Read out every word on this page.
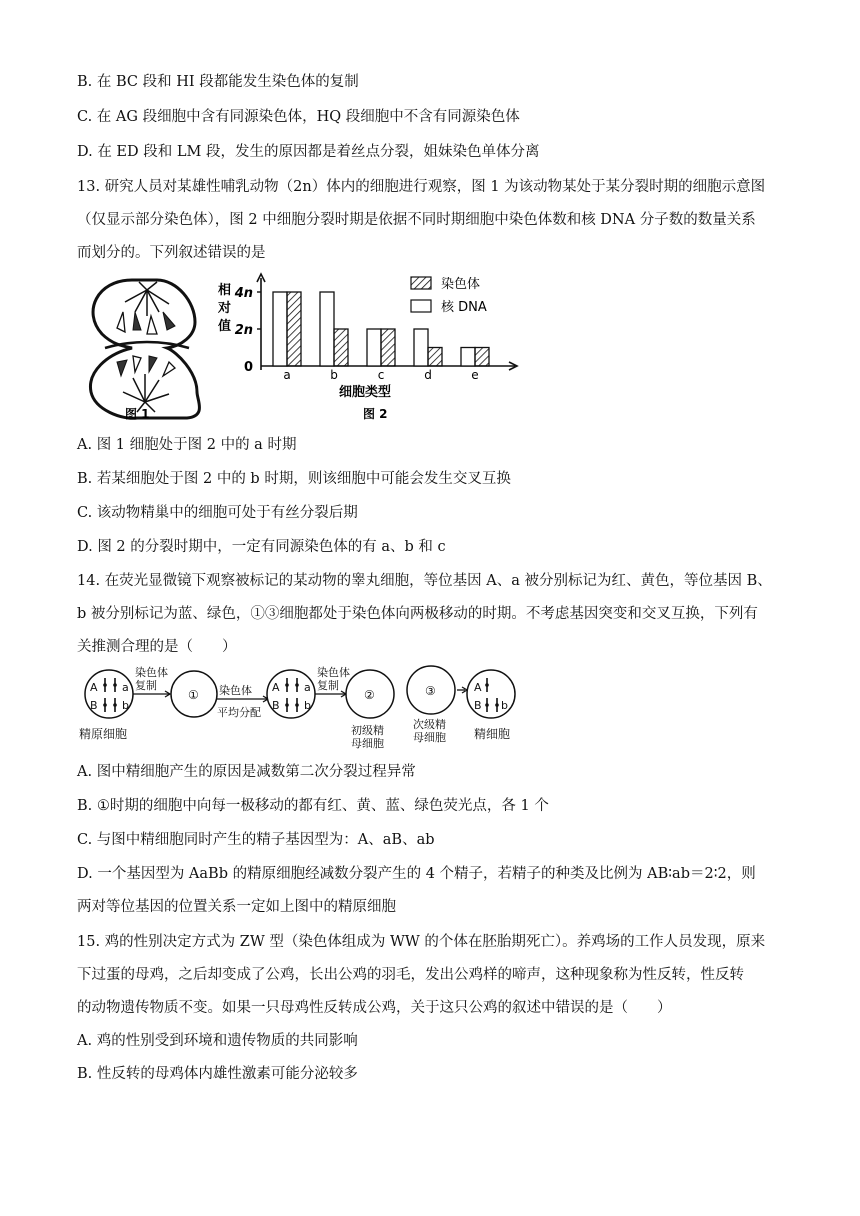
B. 在 BC 段和 HI 段都能发生染色体的复制
C. 在 AG 段细胞中含有同源染色体，HQ 段细胞中不含有同源染色体
D. 在 ED 段和 LM 段，发生的原因都是着丝点分裂，姐妹染色单体分离
13. 研究人员对某雄性哺乳动物（2n）体内的细胞进行观察，图 1 为该动物某处于某分裂时期的细胞示意图
（仅显示部分染色体），图 2 中细胞分裂时期是依据不同时期细胞中染色体数和核 DNA 分子数的数量关系
而划分的。下列叙述错误的是
图 1
相
对
值
0
2n
4n
a	b	c	d	e
染色体
核 DNA
细胞类型
图 2
A. 图 1 细胞处于图 2 中的 a 时期
B. 若某细胞处于图 2 中的 b 时期，则该细胞中可能会发生交叉互换
C. 该动物精巢中的细胞可处于有丝分裂后期
D. 图 2 的分裂时期中，一定有同源染色体的有 a、b 和 c
14. 在荧光显微镜下观察被标记的某动物的睾丸细胞，等位基因 A、a 被分别标记为红、黄色，等位基因 B、
b 被分别标记为蓝、绿色，①③细胞都处于染色体向两极移动的时期。不考虑基因突变和交叉互换，下列有
关推测合理的是（　　）
A a
B b
精原细胞
染色体
复制
① 染色体
平均分配
A a
B b
染色体
复制
②
初级精
母细胞
③
次级精
母细胞
A
B b
精细胞
A. 图中精细胞产生的原因是减数第二次分裂过程异常
B. ①时期的细胞中向每一极移动的都有红、黄、蓝、绿色荧光点，各 1 个
C. 与图中精细胞同时产生的精子基因型为：A、aB、ab
D. 一个基因型为 AaBb 的精原细胞经减数分裂产生的 4 个精子，若精子的种类及比例为 AB∶ab＝2∶2，则
两对等位基因的位置关系一定如上图中的精原细胞
15. 鸡的性别决定方式为 ZW 型（染色体组成为 WW 的个体在胚胎期死亡）。养鸡场的工作人员发现，原来
下过蛋的母鸡，之后却变成了公鸡，长出公鸡的羽毛，发出公鸡样的啼声，这种现象称为性反转，性反转
的动物遗传物质不变。如果一只母鸡性反转成公鸡，关于这只公鸡的叙述中错误的是（　　）
A. 鸡的性别受到环境和遗传物质的共同影响
B. 性反转的母鸡体内雄性激素可能分泌较多
